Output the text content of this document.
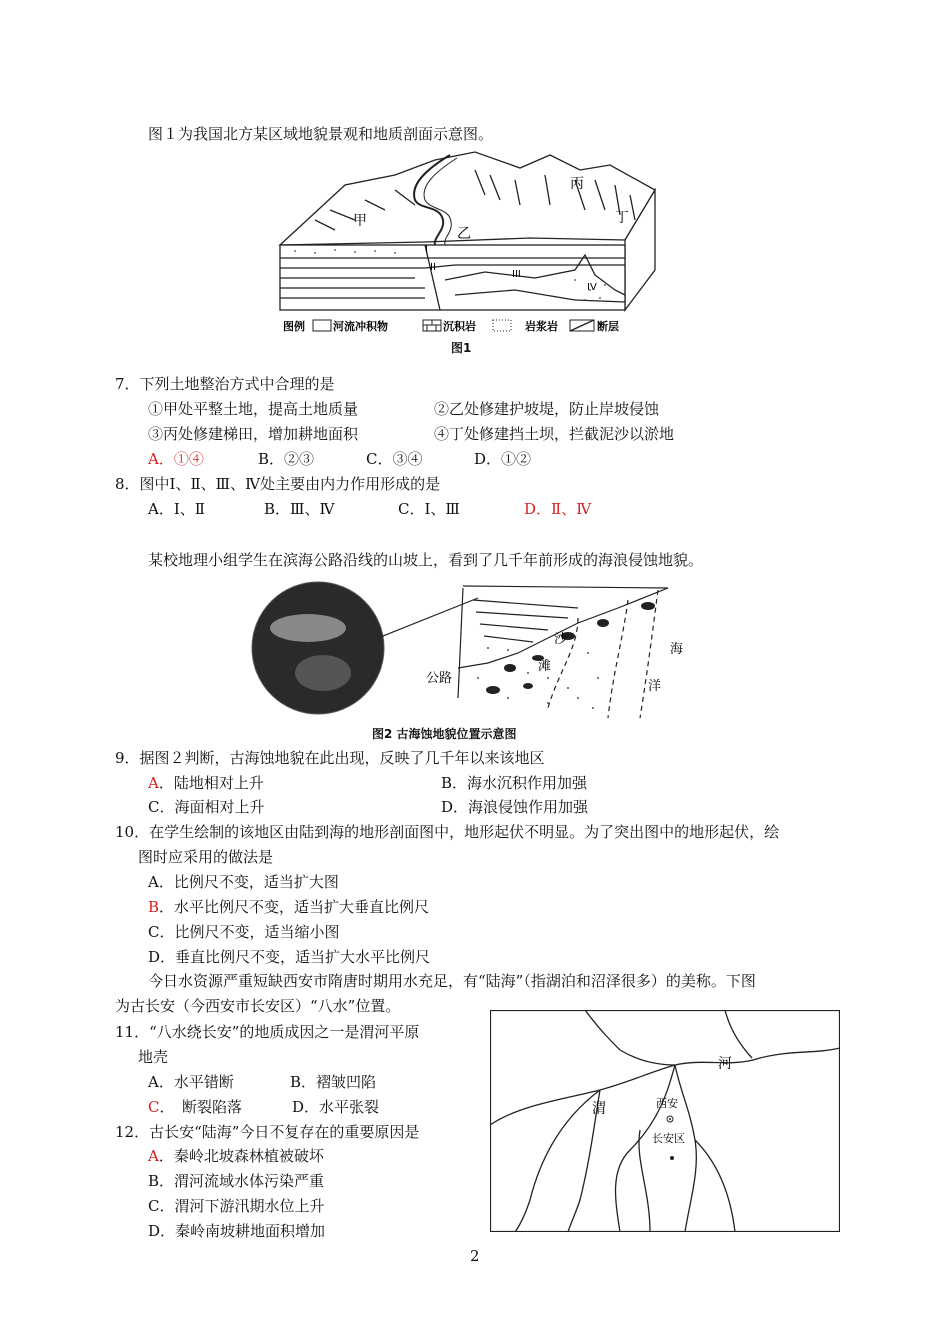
图１为我国北方某区域地貌景观和地质剖面示意图。
甲
乙
丙
丁
I
II
III
IV
图例	河流冲积物	沉积岩	岩浆岩	断层
图1
7．下列土地整治方式中合理的是
①甲处平整土地，提高土地质量	②乙处修建护坡堤，防止岸坡侵蚀
③丙处修建梯田，增加耕地面积	④丁处修建挡土坝，拦截泥沙以淤地
A．①④	B．②③	C．③④	D．①②
8．图中Ⅰ、Ⅱ、Ⅲ、Ⅳ处主要由内力作用形成的是
A．Ⅰ、Ⅱ	B．Ⅲ、Ⅳ	C．Ⅰ、Ⅲ	D．Ⅱ、Ⅳ
某校地理小组学生在滨海公路沿线的山坡上，看到了几千年前形成的海浪侵蚀地貌。
沙
滩
海
洋
公路
图2 古海蚀地貌位置示意图
9．据图２判断，古海蚀地貌在此出现，反映了几千年以来该地区
A．陆地相对上升	B．海水沉积作用加强
C．海面相对上升	D．海浪侵蚀作用加强
10．在学生绘制的该地区由陆到海的地形剖面图中，地形起伏不明显。为了突出图中的地形起伏，绘
图时应采用的做法是
A．比例尺不变，适当扩大图
B．水平比例尺不变，适当扩大垂直比例尺
C．比例尺不变，适当缩小图
D．垂直比例尺不变，适当扩大水平比例尺
今日水资源严重短缺西安市隋唐时期用水充足，有“陆海”（指湖泊和沼泽很多）的美称。下图
为古长安（今西安市长安区）“八水”位置。
11．“八水绕长安”的地质成因之一是渭河平原
地壳
A．水平错断	B．褶皱凹陷
C．　断裂陷落	D．水平张裂
12．古长安“陆海”今日不复存在的重要原因是
A．秦岭北坡森林植被破坏
B．渭河流域水体污染严重
C．渭河下游汛期水位上升
D．秦岭南坡耕地面积增加
河
渭	西安
长安区
2
